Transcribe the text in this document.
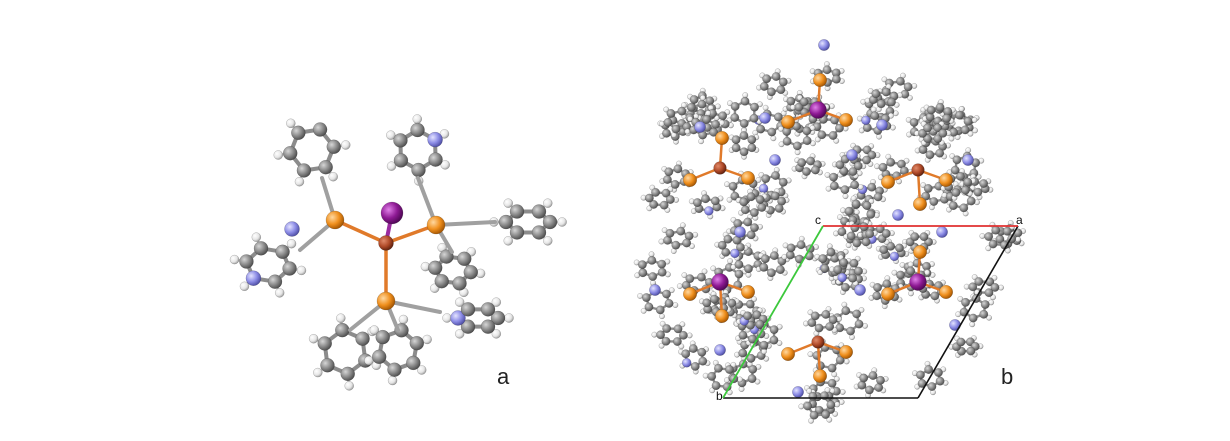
c	a
b
a	b
